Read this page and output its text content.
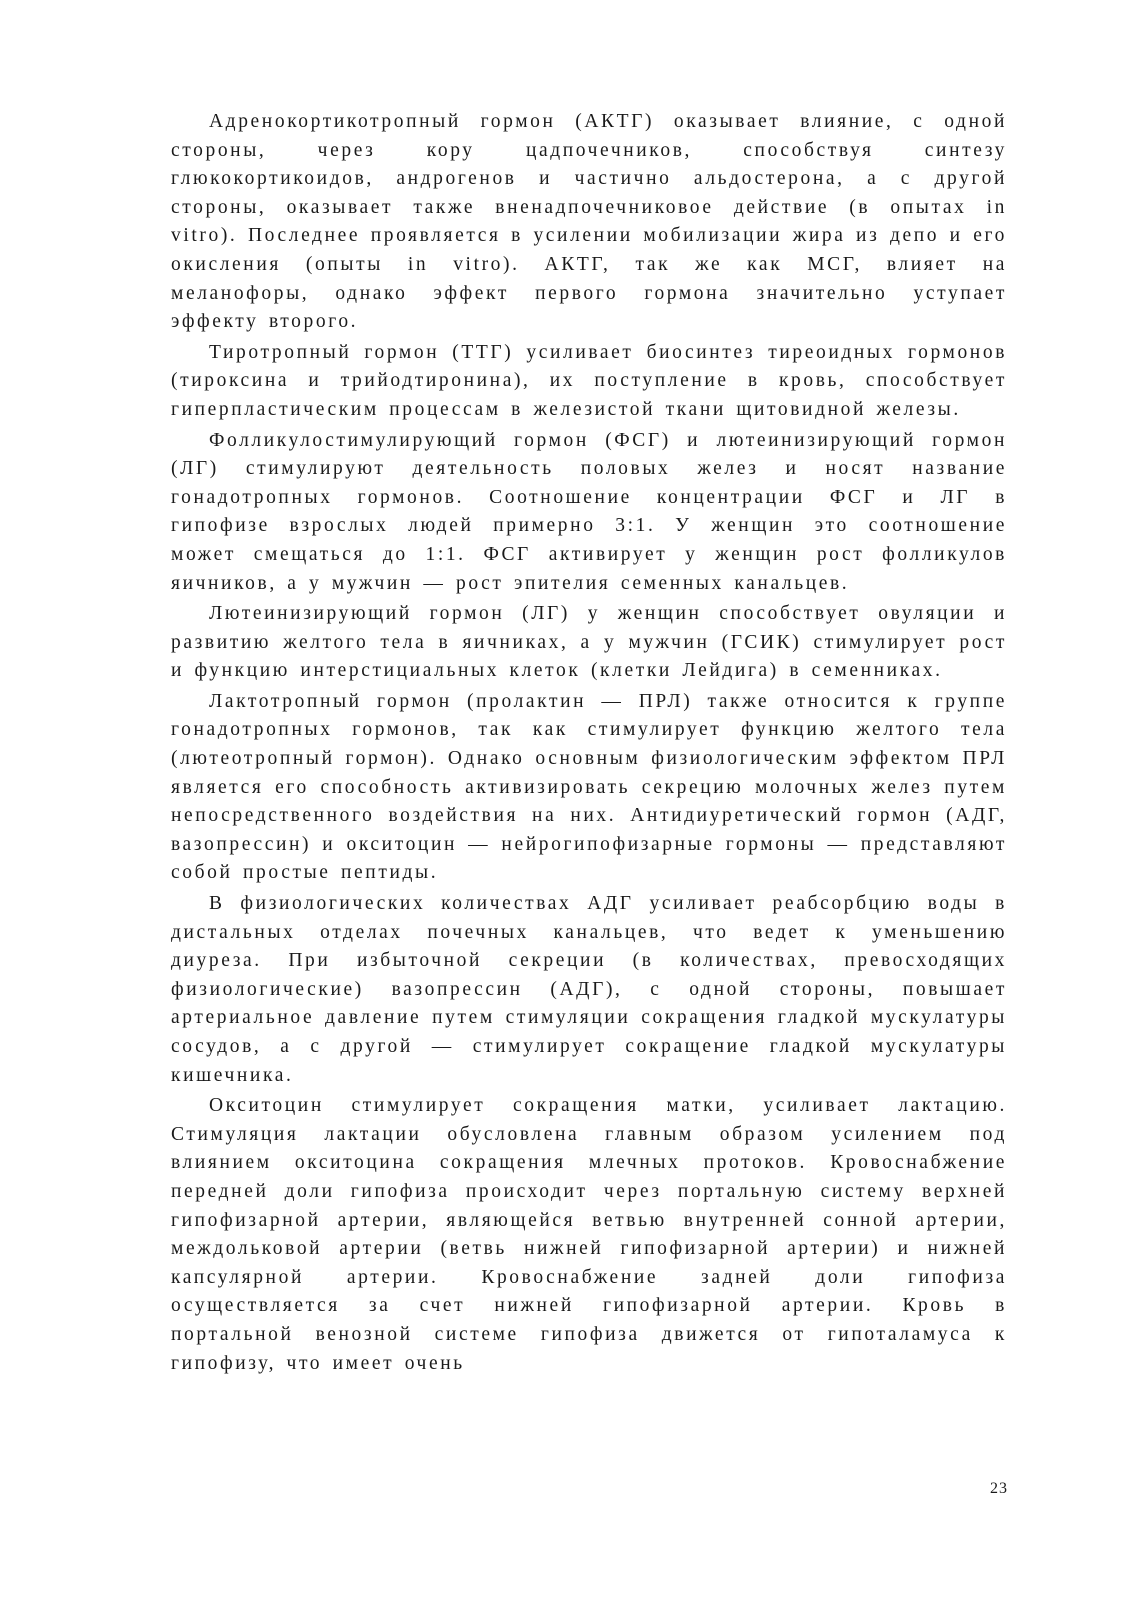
Адренокортикотропный гормон (АКТГ) оказывает влияние, с одной стороны, через кору цадпочечников, способствуя синтезу глюкокортикоидов, андрогенов и частично альдостерона, а с другой стороны, оказывает также вненадпочечниковое действие (в опытах in vitro). Последнее проявляется в усилении мобилизации жира из депо и его окисления (опыты in vitro). АКТГ, так же как МСГ, влияет на меланофоры, однако эффект первого гормона значительно уступает эффекту второго.

Тиротропный гормон (ТТГ) усиливает биосинтез тиреоидных гормонов (тироксина и трийодтиронина), их поступление в кровь, способствует гиперпластическим процессам в железистой ткани щитовидной железы.

Фолликулостимулирующий гормон (ФСГ) и лютеинизирующий гормон (ЛГ) стимулируют деятельность половых желез и носят название гонадотропных гормонов. Соотношение концентрации ФСГ и ЛГ в гипофизе взрослых людей примерно 3:1. У женщин это соотношение может смещаться до 1:1. ФСГ активирует у женщин рост фолликулов яичников, а у мужчин — рост эпителия семенных канальцев.

Лютеинизирующий гормон (ЛГ) у женщин способствует овуляции и развитию желтого тела в яичниках, а у мужчин (ГСИК) стимулирует рост и функцию интерстициальных клеток (клетки Лейдига) в семенниках.

Лактотропный гормон (пролактин — ПРЛ) также относится к группе гонадотропных гормонов, так как стимулирует функцию желтого тела (лютеотропный гормон). Однако основным физиологическим эффектом ПРЛ является его способность активизировать секрецию молочных желез путем непосредственного воздействия на них. Антидиуретический гормон (АДГ, вазопрессин) и окситоцин — нейрогипофизарные гормоны — представляют собой простые пептиды.

В физиологических количествах АДГ усиливает реабсорбцию воды в дистальных отделах почечных канальцев, что ведет к уменьшению диуреза. При избыточной секреции (в количествах, превосходящих физиологические) вазопрессин (АДГ), с одной стороны, повышает артериальное давление путем стимуляции сокращения гладкой мускулатуры сосудов, а с другой — стимулирует сокращение гладкой мускулатуры кишечника.

Окситоцин стимулирует сокращения матки, усиливает лактацию. Стимуляция лактации обусловлена главным образом усилением под влиянием окситоцина сокращения млечных протоков. Кровоснабжение передней доли гипофиза происходит через портальную систему верхней гипофизарной артерии, являющейся ветвью внутренней сонной артерии, междольковой артерии (ветвь нижней гипофизарной артерии) и нижней капсулярной артерии. Кровоснабжение задней доли гипофиза осуществляется за счет нижней гипофизарной артерии. Кровь в портальной венозной системе гипофиза движется от гипоталамуса к гипофизу, что имеет очень

23
